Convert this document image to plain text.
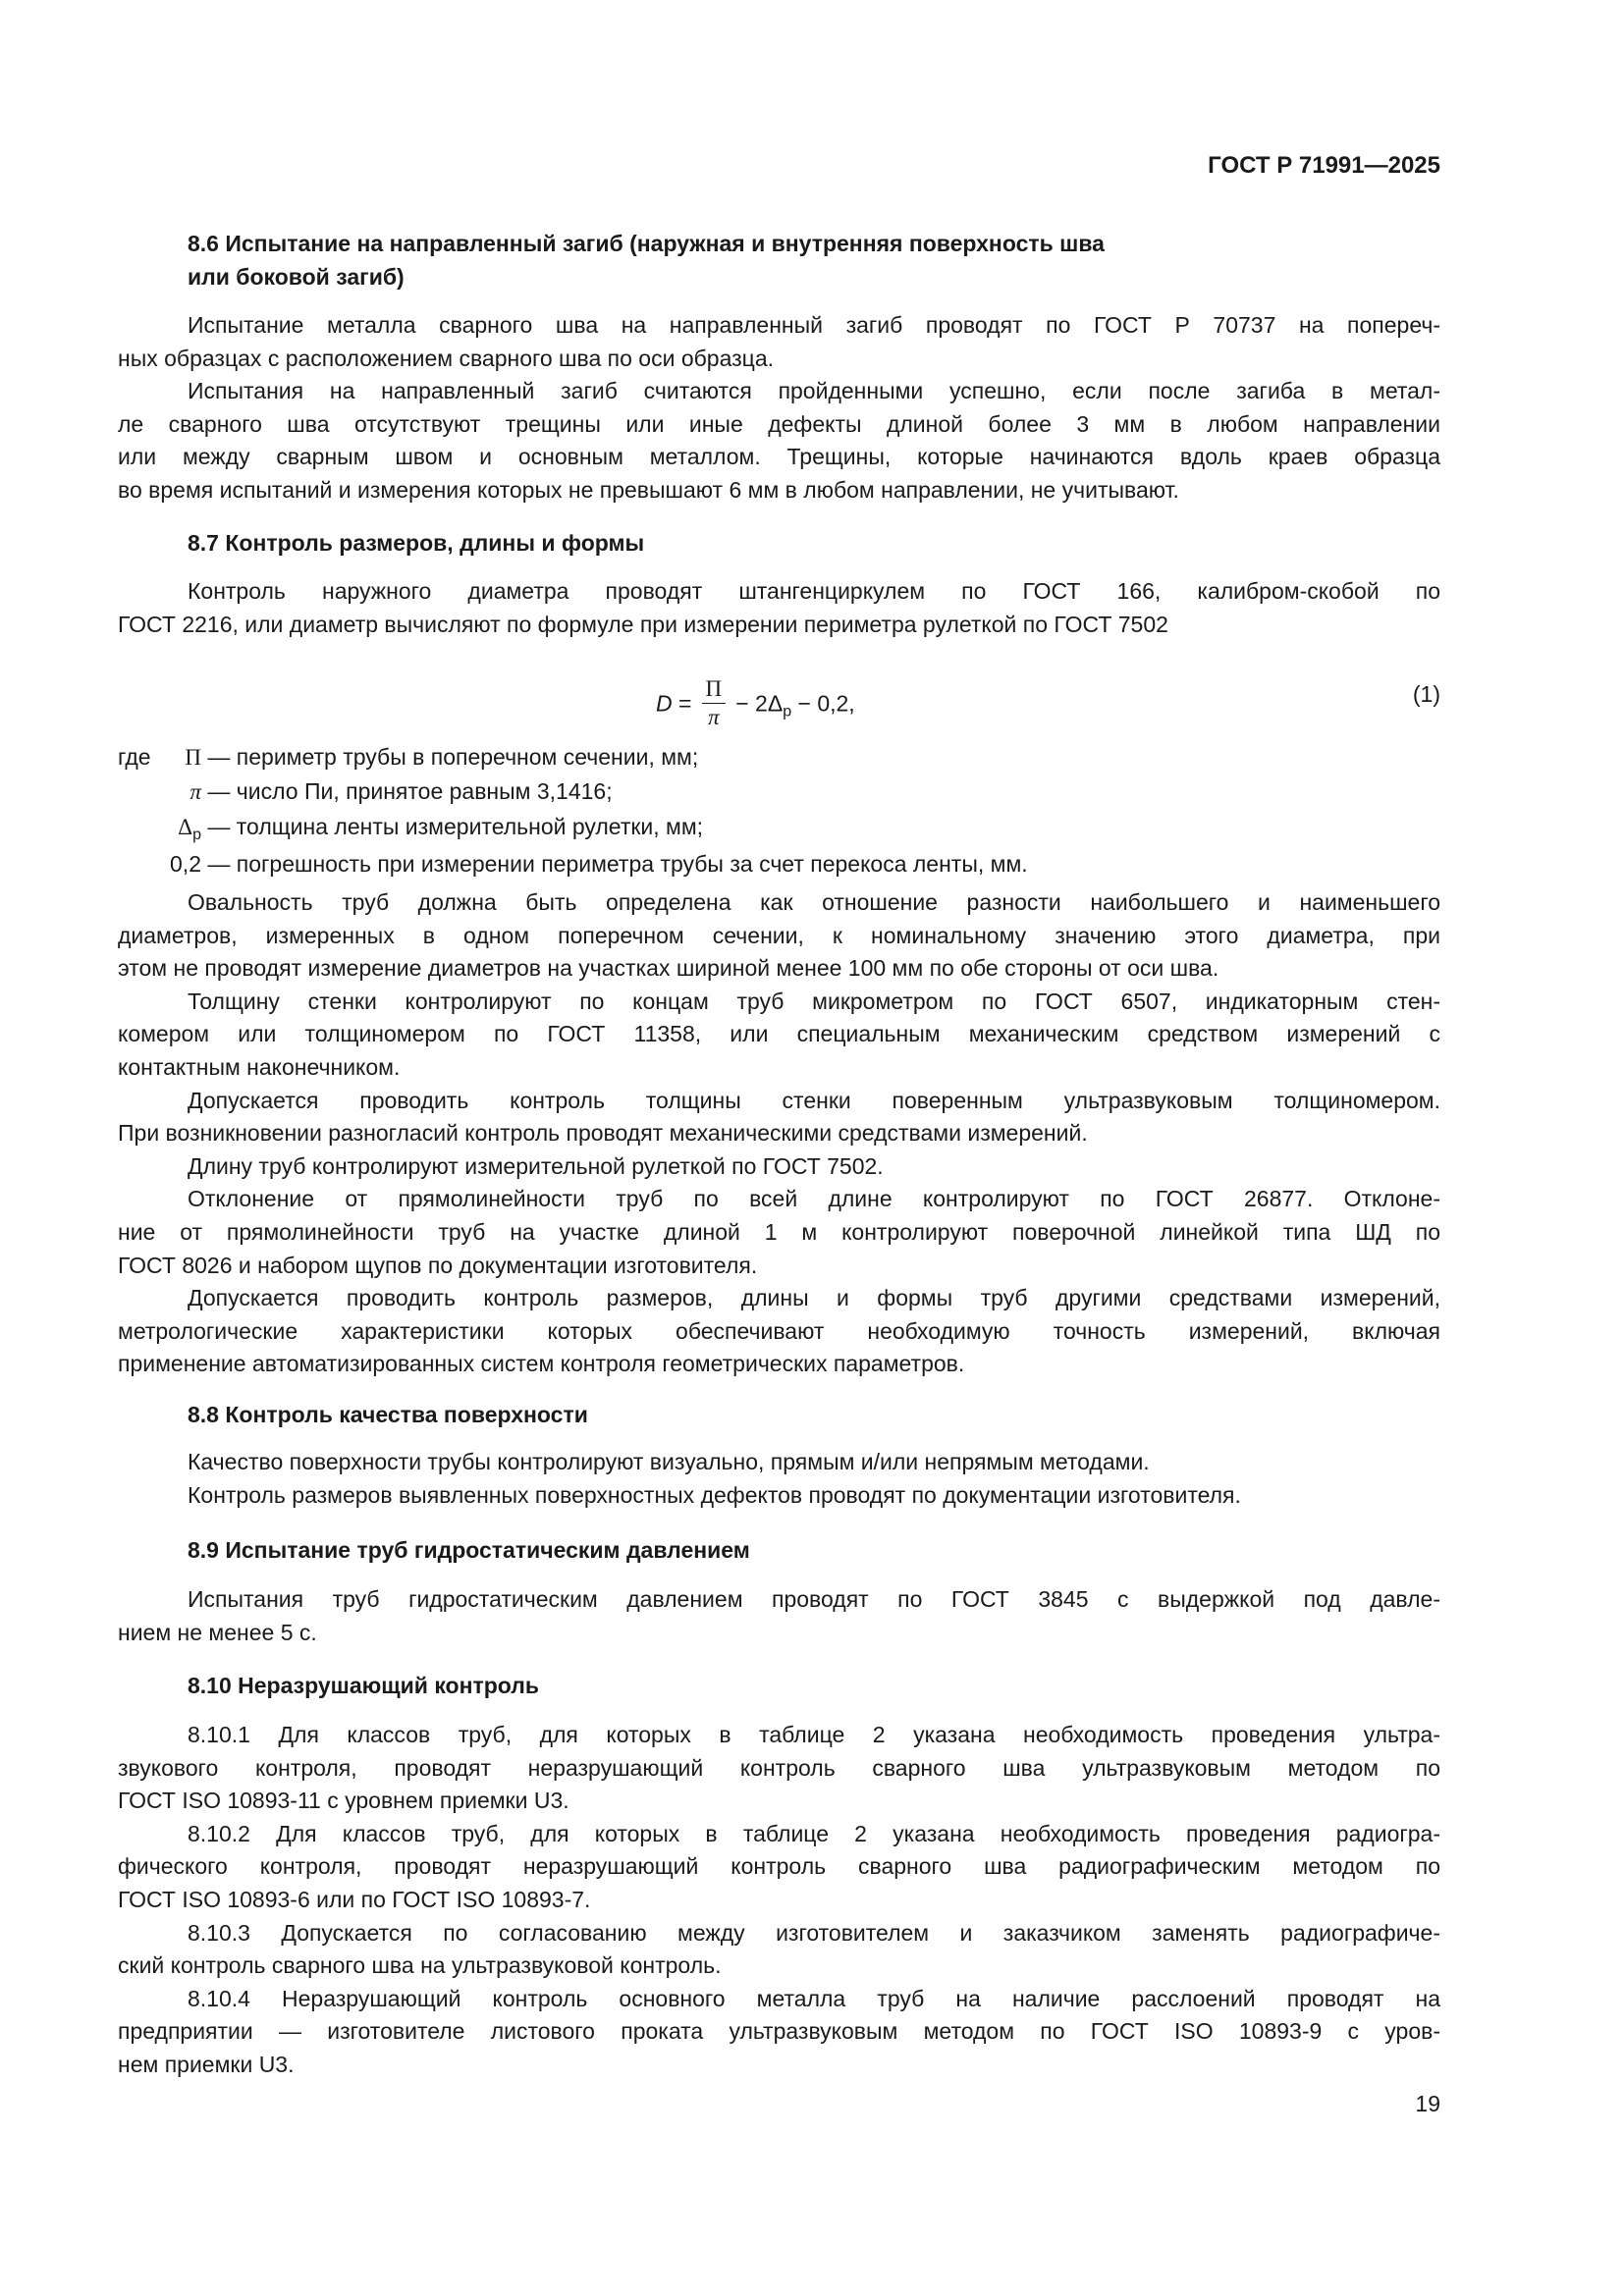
ГОСТ Р 71991—2025
8.6 Испытание на направленный загиб (наружная и внутренняя поверхность шва
или боковой загиб)
Испытание металла сварного шва на направленный загиб проводят по ГОСТ Р 70737 на попереч-
ных образцах с расположением сварного шва по оси образца.
Испытания на направленный загиб считаются пройденными успешно, если после загиба в метал-
ле сварного шва отсутствуют трещины или иные дефекты длиной более 3 мм в любом направлении
или между сварным швом и основным металлом. Трещины, которые начинаются вдоль краев образца
во время испытаний и измерения которых не превышают 6 мм в любом направлении, не учитывают.
8.7 Контроль размеров, длины и формы
Контроль наружного диаметра проводят штангенциркулем по ГОСТ 166, калибром-скобой по
ГОСТ 2216, или диаметр вычисляют по формуле при измерении периметра рулеткой по ГОСТ 7502
Овальность труб должна быть определена как отношение разности наибольшего и наименьшего
диаметров, измеренных в одном поперечном сечении, к номинальному значению этого диаметра, при
этом не проводят измерение диаметров на участках шириной менее 100 мм по обе стороны от оси шва.
Толщину стенки контролируют по концам труб микрометром по ГОСТ 6507, индикаторным стен-
комером или толщиномером по ГОСТ 11358, или специальным механическим средством измерений с
контактным наконечником.
Допускается проводить контроль толщины стенки поверенным ультразвуковым толщиномером.
При возникновении разногласий контроль проводят механическими средствами измерений.
Длину труб контролируют измерительной рулеткой по ГОСТ 7502.
Отклонение от прямолинейности труб по всей длине контролируют по ГОСТ 26877. Отклоне-
ние от прямолинейности труб на участке длиной 1 м контролируют поверочной линейкой типа ШД по
ГОСТ 8026 и набором щупов по документации изготовителя.
Допускается проводить контроль размеров, длины и формы труб другими средствами измерений,
метрологические характеристики которых обеспечивают необходимую точность измерений, включая
применение автоматизированных систем контроля геометрических параметров.
8.8 Контроль качества поверхности
Качество поверхности трубы контролируют визуально, прямым и/или непрямым методами.
Контроль размеров выявленных поверхностных дефектов проводят по документации изготовителя.
8.9 Испытание труб гидростатическим давлением
Испытания труб гидростатическим давлением проводят по ГОСТ 3845 с выдержкой под давле-
нием не менее 5 с.
8.10 Неразрушающий контроль
8.10.1 Для классов труб, для которых в таблице 2 указана необходимость проведения ультра-
звукового контроля, проводят неразрушающий контроль сварного шва ультразвуковым методом по
ГОСТ ISO 10893-11 с уровнем приемки U3.
8.10.2 Для классов труб, для которых в таблице 2 указана необходимость проведения радиогра-
фического контроля, проводят неразрушающий контроль сварного шва радиографическим методом по
ГОСТ ISO 10893-6 или по ГОСТ ISO 10893-7.
8.10.3 Допускается по согласованию между изготовителем и заказчиком заменять радиографиче-
ский контроль сварного шва на ультразвуковой контроль.
8.10.4 Неразрушающий контроль основного металла труб на наличие расслоений проводят на
предприятии — изготовителе листового проката ультразвуковым методом по ГОСТ ISO 10893-9 с уров-
нем приемки U3.
$D = \frac{П}{\pi} - 2\Delta_р - 0,2$,	(1)
где П — периметр трубы в поперечном сечении, мм;
π — число Пи, принятое равным 3,1416;
$\Delta_р$ — толщина ленты измерительной рулетки, мм;
0,2 — погрешность при измерении периметра трубы за счет перекоса ленты, мм.
19
